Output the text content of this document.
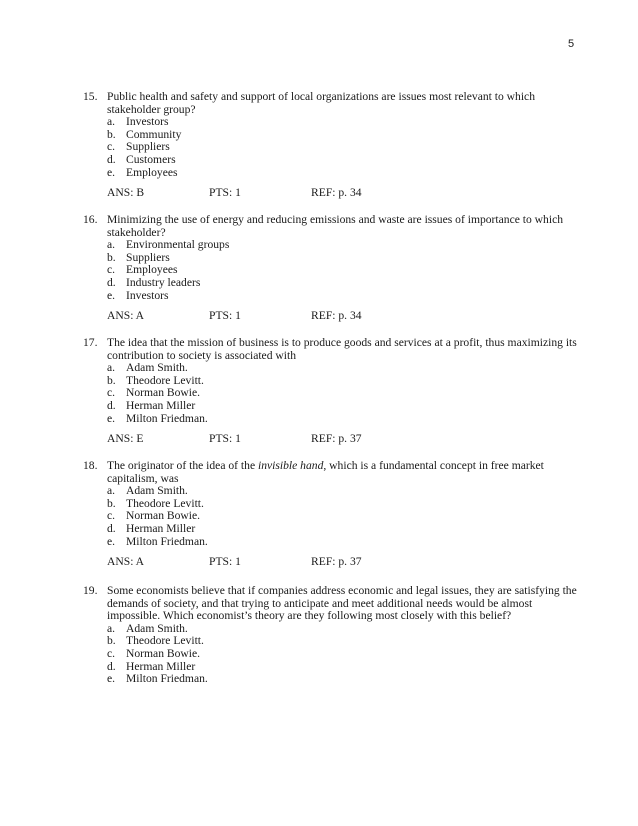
5
15. Public health and safety and support of local organizations are issues most relevant to which stakeholder group?
a. Investors
b. Community
c. Suppliers
d. Customers
e. Employees
ANS: B	PTS: 1	REF: p. 34
16. Minimizing the use of energy and reducing emissions and waste are issues of importance to which stakeholder?
a. Environmental groups
b. Suppliers
c. Employees
d. Industry leaders
e. Investors
ANS: A	PTS: 1	REF: p. 34
17. The idea that the mission of business is to produce goods and services at a profit, thus maximizing its contribution to society is associated with
a. Adam Smith.
b. Theodore Levitt.
c. Norman Bowie.
d. Herman Miller
e. Milton Friedman.
ANS: E	PTS: 1	REF: p. 37
18. The originator of the idea of the invisible hand, which is a fundamental concept in free market capitalism, was
a. Adam Smith.
b. Theodore Levitt.
c. Norman Bowie.
d. Herman Miller
e. Milton Friedman.
ANS: A	PTS: 1	REF: p. 37
19. Some economists believe that if companies address economic and legal issues, they are satisfying the demands of society, and that trying to anticipate and meet additional needs would be almost impossible. Which economist’s theory are they following most closely with this belief?
a. Adam Smith.
b. Theodore Levitt.
c. Norman Bowie.
d. Herman Miller
e. Milton Friedman.
